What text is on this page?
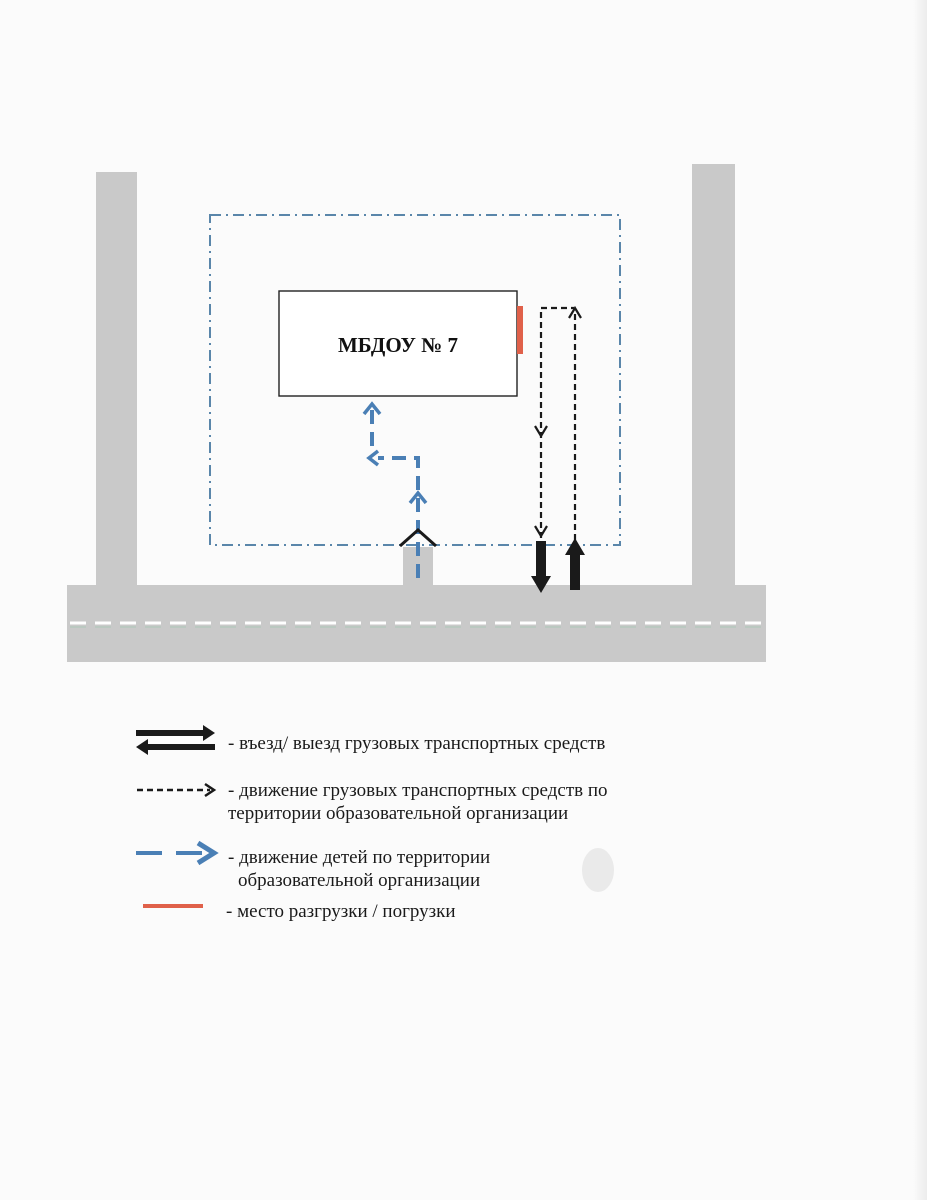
МБДОУ № 7
- въезд/ выезд грузовых транспортных средств
- движение грузовых транспортных средств по
территории образовательной организации
- движение детей по территории
образовательной организации
- место разгрузки / погрузки
